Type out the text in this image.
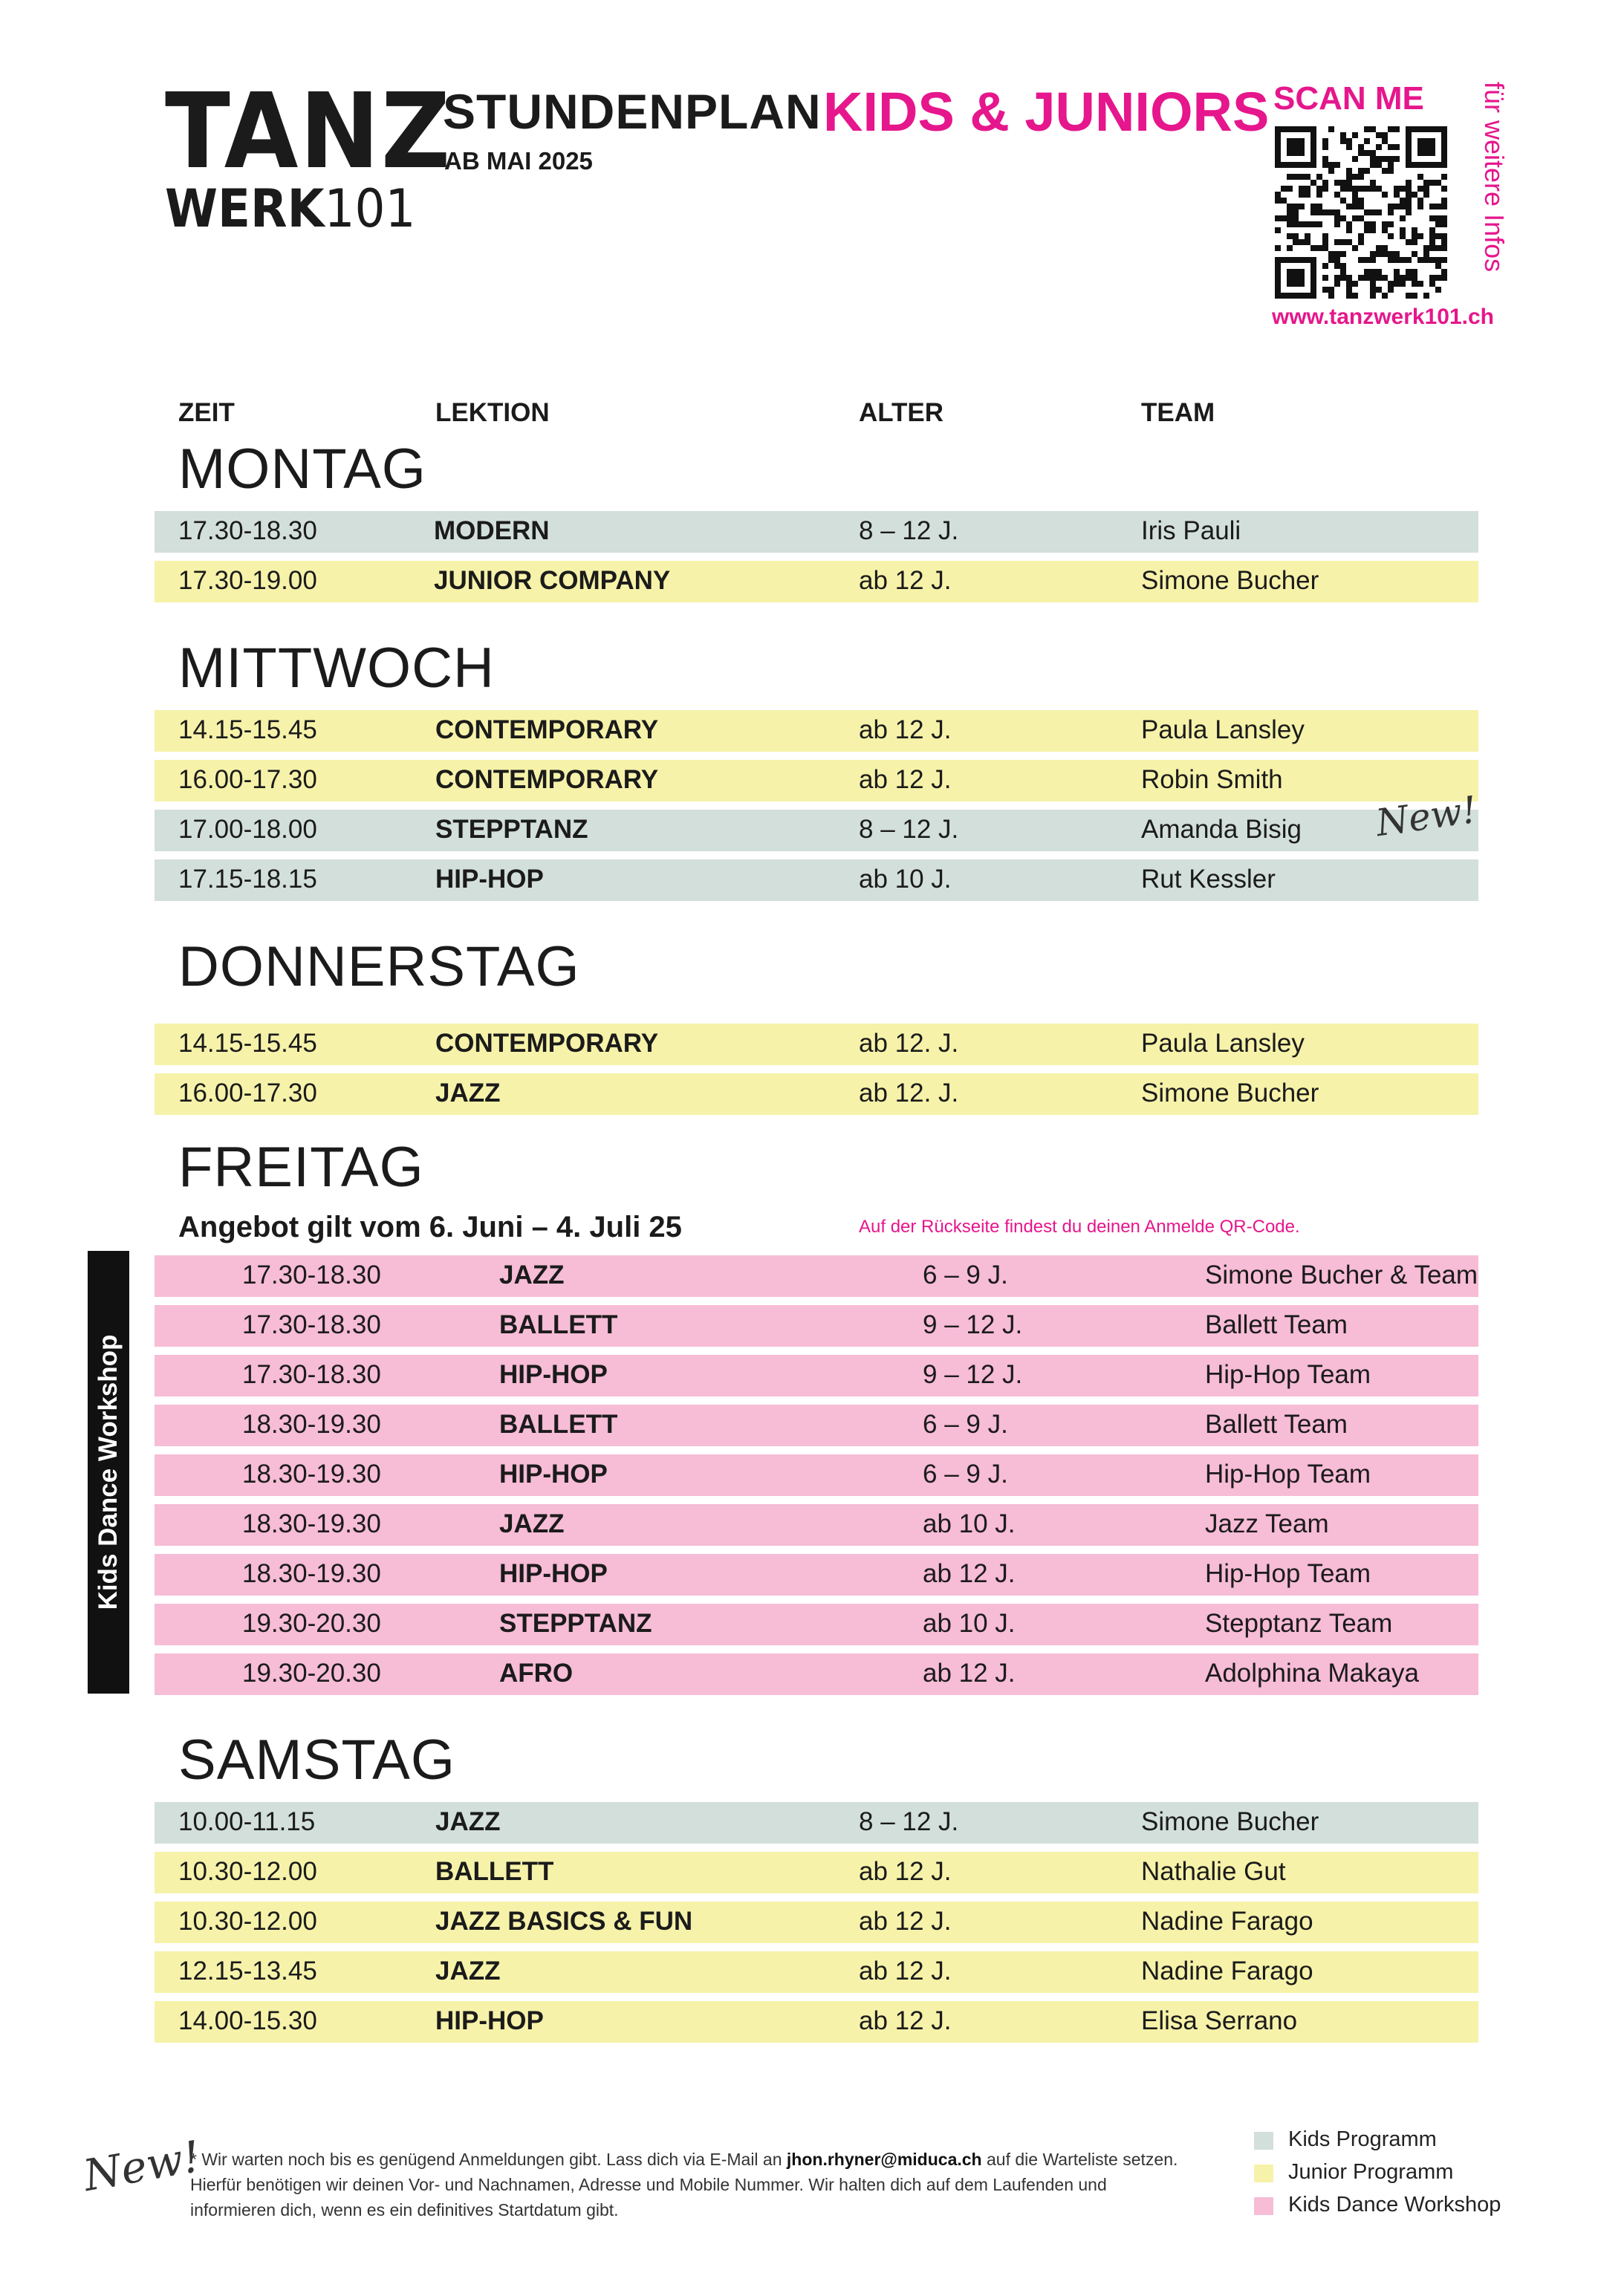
TANZ
WERK101
STUNDENPLAN
AB MAI 2025
KIDS & JUNIORS SCAN ME für weitere Infos
www.tanzwerk101.ch
ZEIT	LEKTION	ALTER	TEAM
MONTAG
MITTWOCH
DONNERSTAG
FREITAG
SAMSTAG
Angebot gilt vom 6. Juni – 4. Juli 25	Auf der Rückseite findest du deinen Anmelde QR-Code.
Kids Dance Workshop
17.30-18.30	MODERN	8 – 12 J.	Iris Pauli
17.30-19.00	JUNIOR COMPANY	ab 12 J.	Simone Bucher
14.15-15.45	CONTEMPORARY	ab 12 J.	Paula Lansley
16.00-17.30	CONTEMPORARY	ab 12 J.	Robin Smith
17.00-18.00	STEPPTANZ	8 – 12 J.	Amanda Bisig
17.15-18.15	HIP-HOP	ab 10 J.	Rut Kessler
14.15-15.45	CONTEMPORARY	ab 12. J.	Paula Lansley
16.00-17.30	JAZZ	ab 12. J.	Simone Bucher
17.30-18.30	JAZZ	6 – 9 J.	Simone Bucher & Team
17.30-18.30	BALLETT	9 – 12 J.	Ballett Team
17.30-18.30	HIP-HOP	9 – 12 J.	Hip-Hop Team
18.30-19.30	BALLETT	6 – 9 J.	Ballett Team
18.30-19.30	HIP-HOP	6 – 9 J.	Hip-Hop Team
18.30-19.30	JAZZ	ab 10 J.	Jazz Team
18.30-19.30	HIP-HOP	ab 12 J.	Hip-Hop Team
19.30-20.30	STEPPTANZ	ab 10 J.	Stepptanz Team
19.30-20.30	AFRO	ab 12 J.	Adolphina Makaya
10.00-11.15	JAZZ	8 – 12 J.	Simone Bucher
10.30-12.00	BALLETT	ab 12 J.	Nathalie Gut
10.30-12.00	JAZZ BASICS & FUN	ab 12 J.	Nadine Farago
12.15-13.45	JAZZ	ab 12 J.	Nadine Farago
14.00-15.30	HIP-HOP	ab 12 J.	Elisa Serrano
New!
New!
* Wir warten noch bis es genügend Anmeldungen gibt. Lass dich via E-Mail an jhon.rhyner@miduca.ch auf die Warteliste setzen.
Hierfür benötigen wir deinen Vor- und Nachnamen, Adresse und Mobile Nummer. Wir halten dich auf dem Laufenden und
informieren dich, wenn es ein definitives Startdatum gibt.
Kids Programm
Junior Programm
Kids Dance Workshop
